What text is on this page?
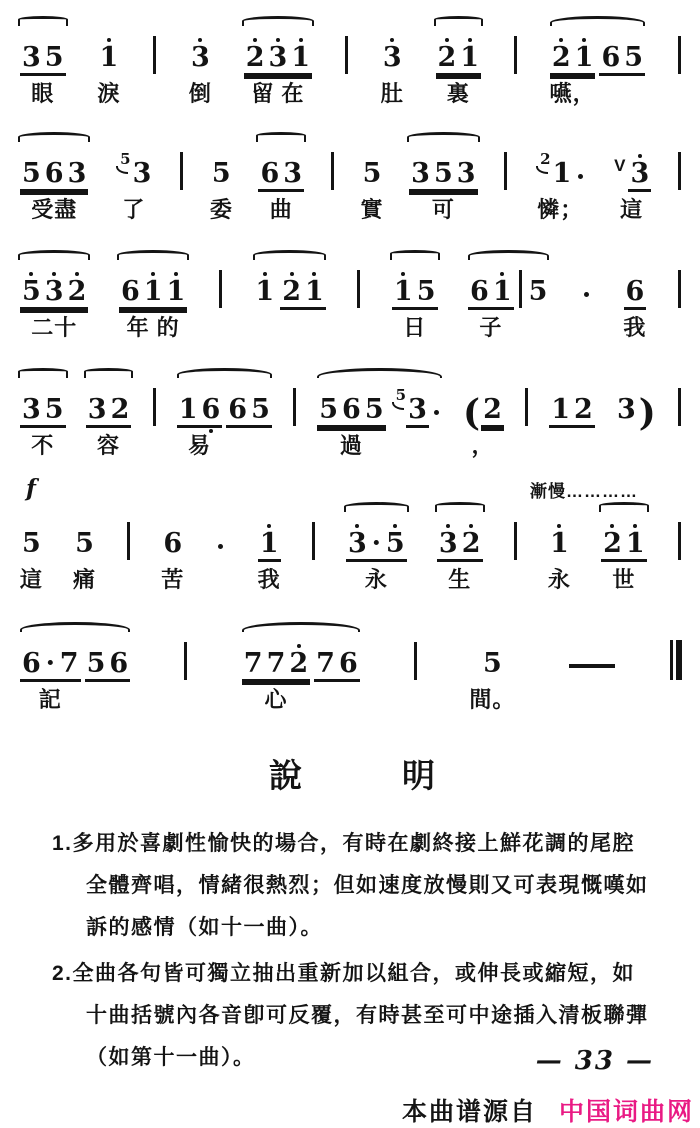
3 5
眼
1
淚
3
倒
2 3 1
留 在
3
肚
2 1
裏
2 1
嚥，
6 5
5 6 3
受盡
5 3
了
5
委
6 3
曲
5
實
3 5 3
可
2 1
憐；
V 3
這
5 3 2
二十
6 1 1
年 的
1 2 1	1 5
日
6 1
子
5	6
我
3 5
不
3 2
容
1 6
易
6 5 5 6 5
過
5 3 ( 2
，
1 2 3 )
f	漸慢…………
5
這
5
痛
6
苦
1
我
3 · 5
永
3 2
生
1
永
2 1
世
6 · 7
記
5 6	7 7 2
心
7 6	5
間。
說明

1.多用於喜劇性愉快的場合，有時在劇終接上鮮花調的尾腔全體齊唱，情緒很熱烈；但如速度放慢則又可表現慨嘆如訴的感情（如十一曲）。

2.全曲各句皆可獨立抽出重新加以組合，或伸長或縮短，如十曲括號內各音卽可反覆，有時甚至可中途插入清板聯彈（如第十一曲）。	— 33 —
本曲谱源自 中国词曲网
